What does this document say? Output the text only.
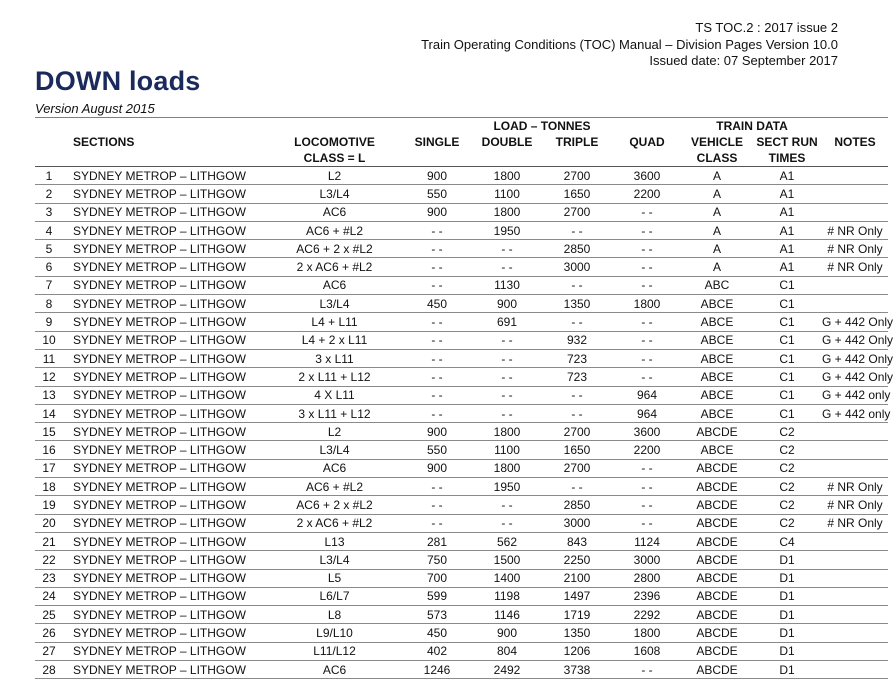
TS TOC.2 : 2017 issue 2
Train Operating Conditions (TOC) Manual – Division Pages Version 10.0
Issued date: 07 September 2017
DOWN loads
Version August 2015
			LOAD – TONNES				TRAIN DATA		
	SECTIONS	LOCOMOTIVE	SINGLE	DOUBLE	TRIPLE	QUAD	VEHICLE	SECT RUN	NOTES
		CLASS = L					CLASS	TIMES	
1	SYDNEY METROP – LITHGOW	L2	900	1800	2700	3600	A	A1	
2	SYDNEY METROP – LITHGOW	L3/L4	550	1100	1650	2200	A	A1	
3	SYDNEY METROP – LITHGOW	AC6	900	1800	2700	- -	A	A1	
4	SYDNEY METROP – LITHGOW	AC6 + #L2	- -	1950	- -	- -	A	A1	# NR Only
5	SYDNEY METROP – LITHGOW	AC6 + 2 x #L2	- -	- -	2850	- -	A	A1	# NR Only
6	SYDNEY METROP – LITHGOW	2 x AC6 + #L2	- -	- -	3000	- -	A	A1	# NR Only
7	SYDNEY METROP – LITHGOW	AC6	- -	1130	- -	- -	ABC	C1	
8	SYDNEY METROP – LITHGOW	L3/L4	450	900	1350	1800	ABCE	C1	
9	SYDNEY METROP – LITHGOW	L4 + L11	- -	691	- -	- -	ABCE	C1	G + 442 Only
10	SYDNEY METROP – LITHGOW	L4 + 2 x L11	- -	- -	932	- -	ABCE	C1	G + 442 Only
11	SYDNEY METROP – LITHGOW	3 x L11	- -	- -	723	- -	ABCE	C1	G + 442 Only
12	SYDNEY METROP – LITHGOW	2 x L11 + L12	- -	- -	723	- -	ABCE	C1	G + 442 Only
13	SYDNEY METROP – LITHGOW	4 X L11	- -	- -	- -	964	ABCE	C1	G + 442 only
14	SYDNEY METROP – LITHGOW	3 x L11 + L12	- -	- -	- -	964	ABCE	C1	G + 442 only
15	SYDNEY METROP – LITHGOW	L2	900	1800	2700	3600	ABCDE	C2	
16	SYDNEY METROP – LITHGOW	L3/L4	550	1100	1650	2200	ABCE	C2	
17	SYDNEY METROP – LITHGOW	AC6	900	1800	2700	- -	ABCDE	C2	
18	SYDNEY METROP – LITHGOW	AC6 + #L2	- -	1950	- -	- -	ABCDE	C2	# NR Only
19	SYDNEY METROP – LITHGOW	AC6 + 2 x #L2	- -	- -	2850	- -	ABCDE	C2	# NR Only
20	SYDNEY METROP – LITHGOW	2 x AC6 + #L2	- -	- -	3000	- -	ABCDE	C2	# NR Only
21	SYDNEY METROP – LITHGOW	L13	281	562	843	1124	ABCDE	C4	
22	SYDNEY METROP – LITHGOW	L3/L4	750	1500	2250	3000	ABCDE	D1	
23	SYDNEY METROP – LITHGOW	L5	700	1400	2100	2800	ABCDE	D1	
24	SYDNEY METROP – LITHGOW	L6/L7	599	1198	1497	2396	ABCDE	D1	
25	SYDNEY METROP – LITHGOW	L8	573	1146	1719	2292	ABCDE	D1	
26	SYDNEY METROP – LITHGOW	L9/L10	450	900	1350	1800	ABCDE	D1	
27	SYDNEY METROP – LITHGOW	L11/L12	402	804	1206	1608	ABCDE	D1	
28	SYDNEY METROP – LITHGOW	AC6	1246	2492	3738	- -	ABCDE	D1	
